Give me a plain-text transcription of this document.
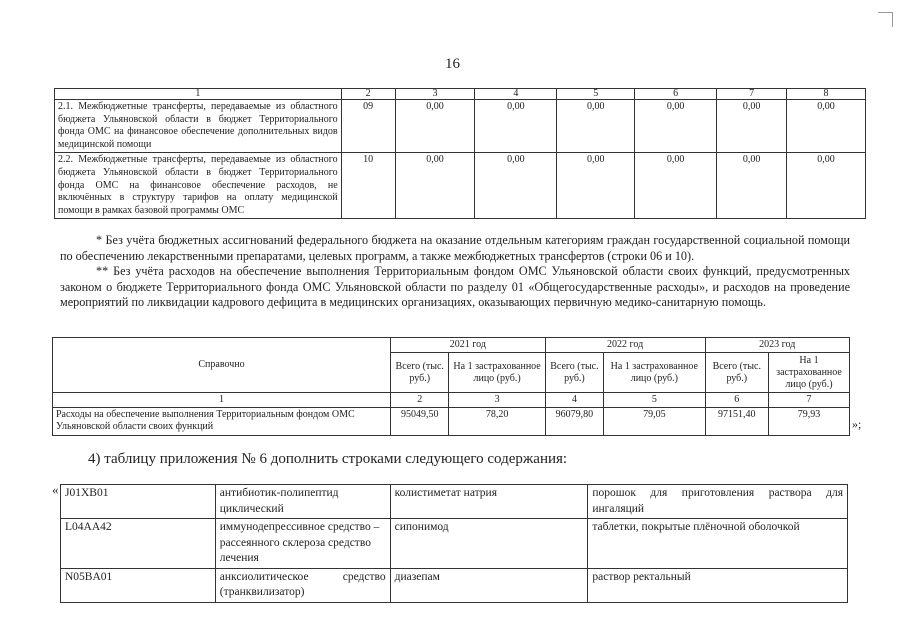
16
1	2	3	4	5	6	7	8
2.1. Межбюджетные трансферты, передаваемые из областного бюджета Ульяновской области в бюджет Территориального фонда ОМС на финансовое обеспечение дополнительных видов медицинской помощи	09	0,00	0,00	0,00	0,00	0,00	0,00
2.2. Межбюджетные трансферты, передаваемые из областного бюджета Ульяновской области в бюджет Территориального фонда ОМС на финансовое обеспечение расходов, не включённых в структуру тарифов на оплату медицинской помощи в рамках базовой программы ОМС	10	0,00	0,00	0,00	0,00	0,00	0,00
* Без учёта бюджетных ассигнований федерального бюджета на оказание отдельным категориям граждан государственной социальной помощи по обеспечению лекарственными препаратами, целевых программ, а также межбюджетных трансфертов (строки 06 и 10).
** Без учёта расходов на обеспечение выполнения Территориальным фондом ОМС Ульяновской области своих функций, предусмотренных законом о бюджете Территориального фонда ОМС Ульяновской области по разделу 01 «Общегосударственные расходы», и расходов на проведение мероприятий по ликвидации кадрового дефицита в медицинских организациях, оказывающих первичную медико-санитарную помощь.
Справочно	2021 год		2022 год		2023 год	
	Всего (тыс. руб.)	На 1 застрахованное лицо (руб.)	Всего (тыс. руб.)	На 1 застрахованное лицо (руб.)	Всего (тыс. руб.)	На 1 застрахованное лицо (руб.)
1	2	3	4	5	6	7
Расходы на обеспечение выполнения Территориальным фондом ОМС Ульяновской области своих функций	95049,50	78,20	96079,80	79,05	97151,40	79,93
»;
4) таблицу приложения № 6 дополнить строками следующего содержания:
« J01XB01	антибиотик-полипептид циклический	колистиметат натрия	порошок для приготовления раствора для ингаляций
L04AA42	иммунодепрессивное средство – рассеянного склероза средство лечения	сипонимод	таблетки, покрытые плёночной оболочкой
N05BA01	анксиолитическое средство (транквилизатор)	диазепам	раствор ректальный
